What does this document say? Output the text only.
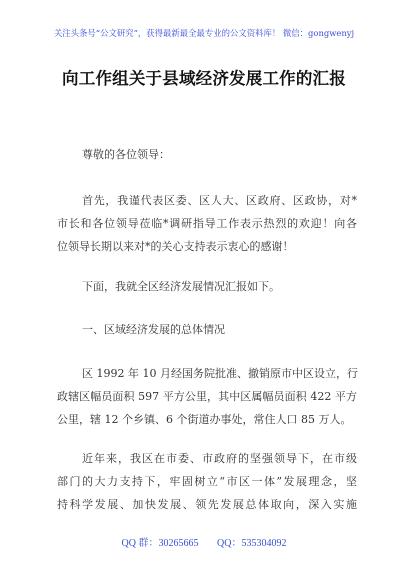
关注头条号“公文研究”，获得最新最全最专业的公文资料库！ 微信：gongwenyj
向工作组关于县域经济发展工作的汇报
尊敬的各位领导：
首先，我谨代表区委、区人大、区政府、区政协，对*
市长和各位领导莅临*调研指导工作表示热烈的欢迎！向各
位领导长期以来对*的关心支持表示衷心的感谢！
下面，我就全区经济发展情况汇报如下。
一、区域经济发展的总体情况
区 1992 年 10 月经国务院批准、撤销原市中区设立，行
政辖区幅员面积 597 平方公里，其中区属幅员面积 422 平方
公里，辖 12 个乡镇、6 个街道办事处，常住人口 85 万人。
近年来，我区在市委、市政府的坚强领导下，在市级
部门的大力支持下，牢固树立“市区一体”发展理念，坚
持科学发展、加快发展、领先发展总体取向，深入实施
QQ 群：30265665 QQ：535304092
